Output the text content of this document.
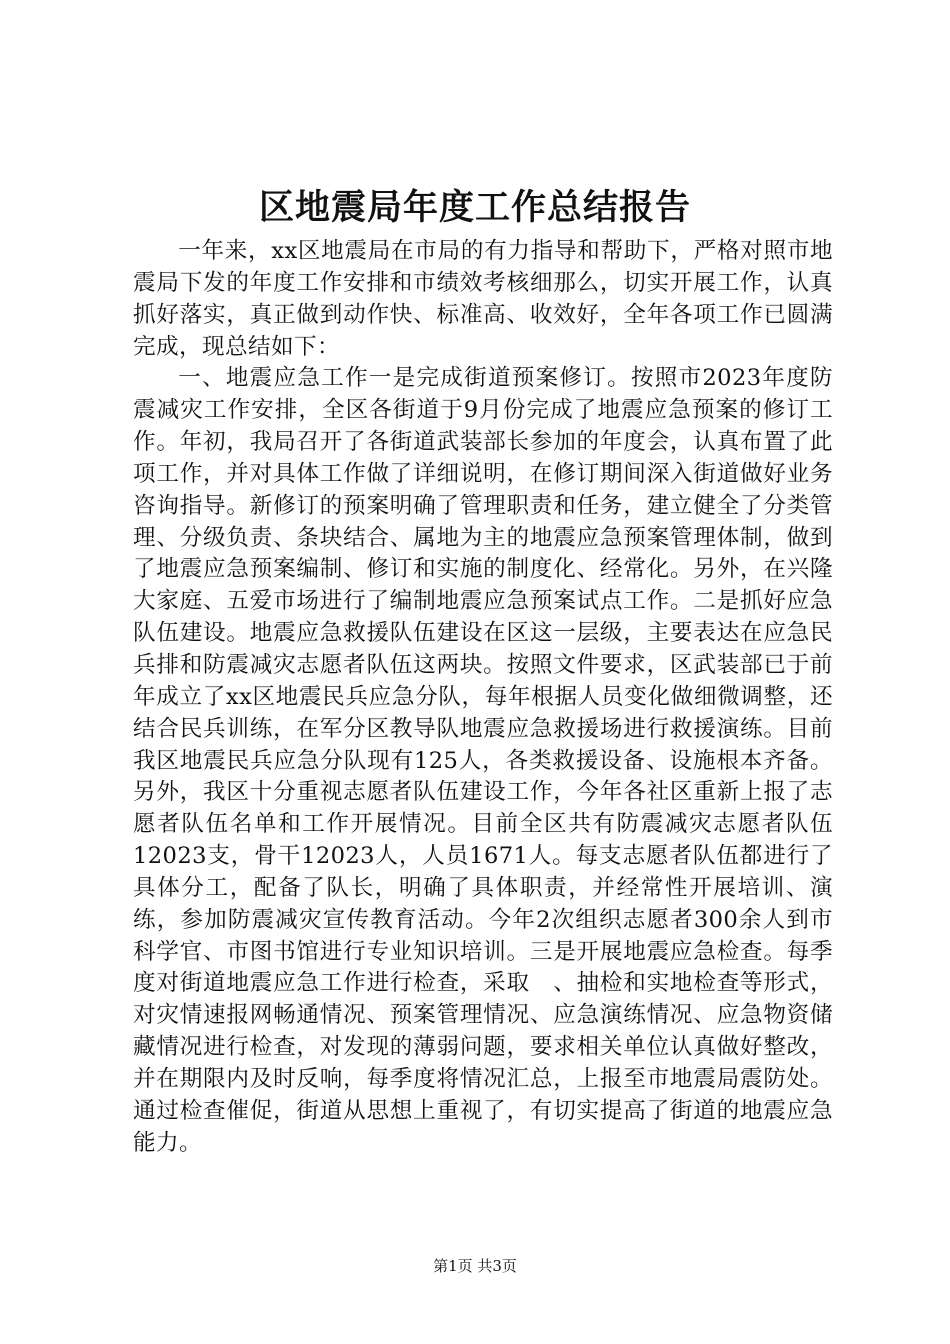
区地震局年度工作总结报告

一年来，xx区地震局在市局的有力指导和帮助下，严格对照市地震局下发的年度工作安排和市绩效考核细那么，切实开展工作，认真抓好落实，真正做到动作快、标准高、收效好，全年各项工作已圆满完成，现总结如下：

一、地震应急工作一是完成街道预案修订。按照市2023年度防震减灾工作安排，全区各街道于9月份完成了地震应急预案的修订工作。年初，我局召开了各街道武装部长参加的年度会，认真布置了此项工作，并对具体工作做了详细说明，在修订期间深入街道做好业务咨询指导。新修订的预案明确了管理职责和任务，建立健全了分类管理、分级负责、条块结合、属地为主的地震应急预案管理体制，做到了地震应急预案编制、修订和实施的制度化、经常化。另外，在兴隆大家庭、五爱市场进行了编制地震应急预案试点工作。二是抓好应急队伍建设。地震应急救援队伍建设在区这一层级，主要表达在应急民兵排和防震减灾志愿者队伍这两块。按照文件要求，区武装部已于前年成立了xx区地震民兵应急分队，每年根据人员变化做细微调整，还结合民兵训练，在军分区教导队地震应急救援场进行救援演练。目前我区地震民兵应急分队现有125人，各类救援设备、设施根本齐备。另外，我区十分重视志愿者队伍建设工作，今年各社区重新上报了志愿者队伍名单和工作开展情况。目前全区共有防震减灾志愿者队伍12023支，骨干12023人，人员1671人。每支志愿者队伍都进行了具体分工，配备了队长，明确了具体职责，并经常性开展培训、演练，参加防震减灾宣传教育活动。今年2次组织志愿者300余人到市科学官、市图书馆进行专业知识培训。三是开展地震应急检查。每季度对街道地震应急工作进行检查，采取　、抽检和实地检查等形式，对灾情速报网畅通情况、预案管理情况、应急演练情况、应急物资储藏情况进行检查，对发现的薄弱问题，要求相关单位认真做好整改，并在期限内及时反响，每季度将情况汇总，上报至市地震局震防处。通过检查催促，街道从思想上重视了，有切实提高了街道的地震应急能力。

第1页 共3页
